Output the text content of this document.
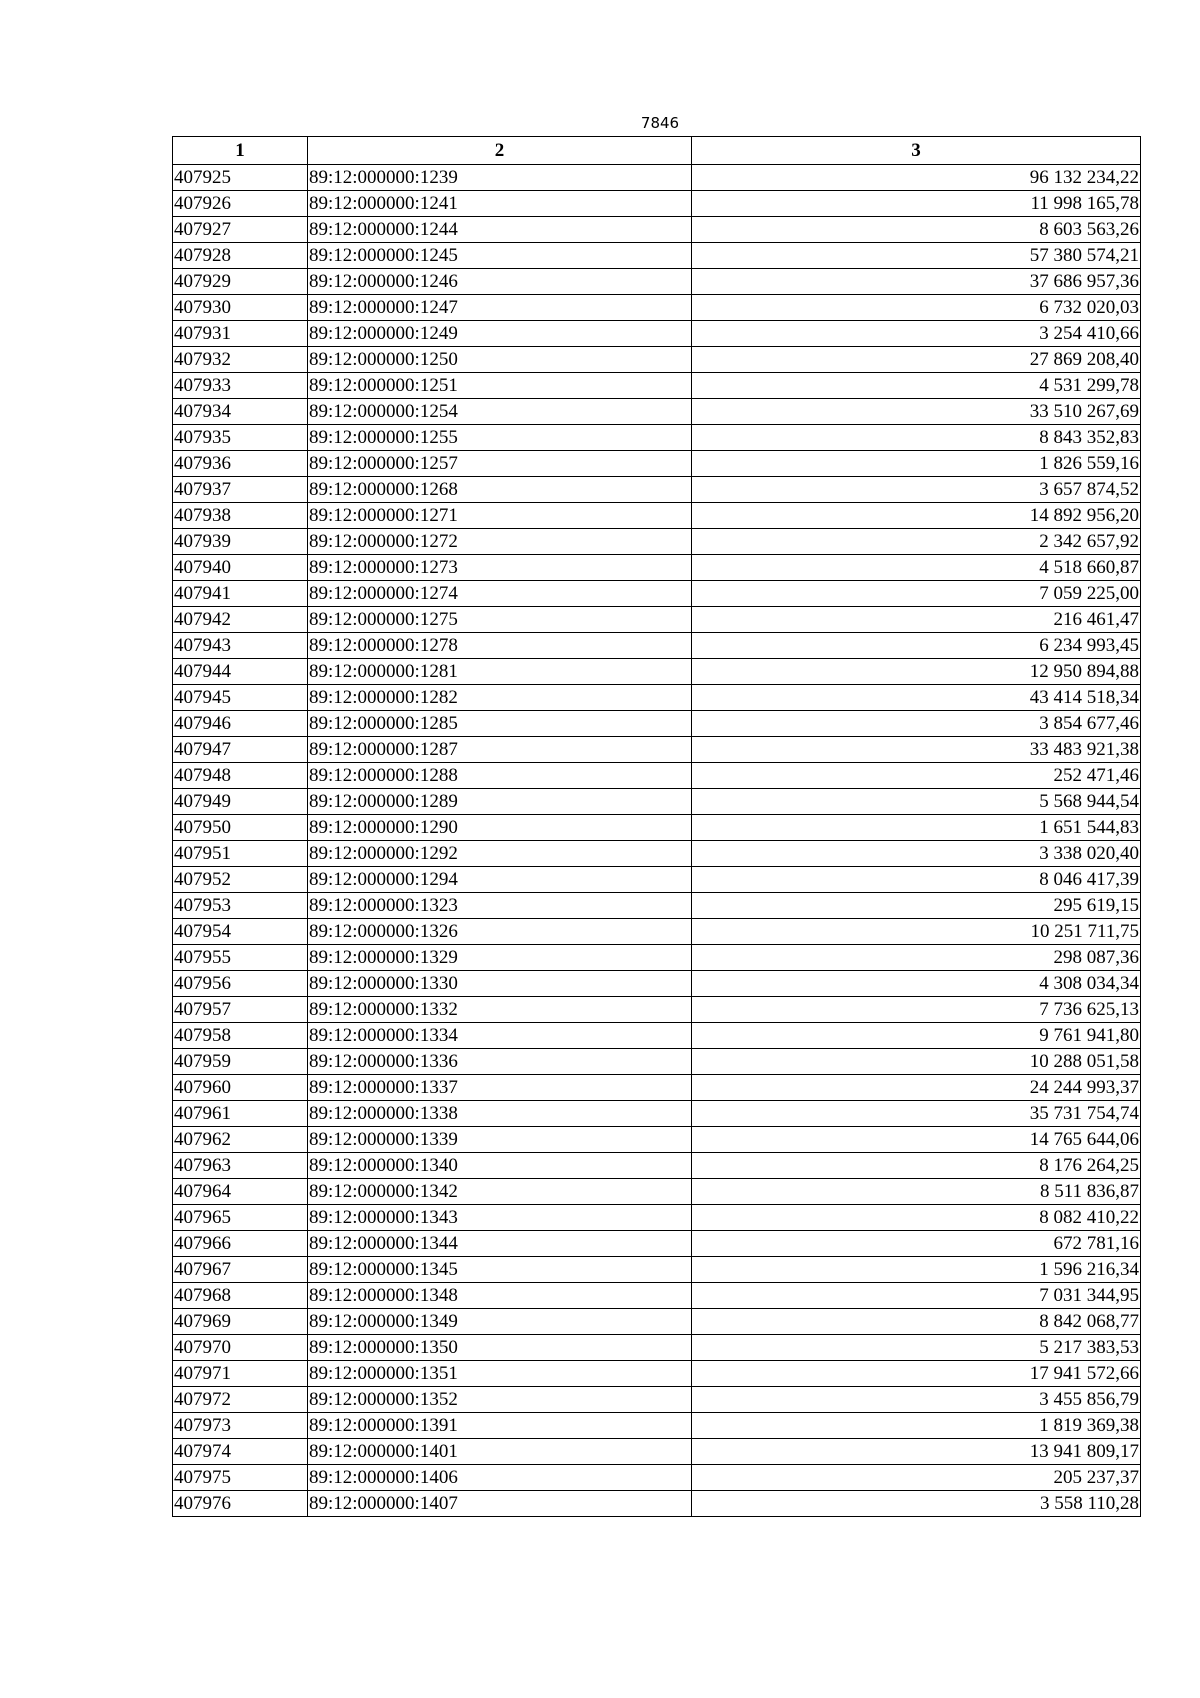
7846
1	2	3
407925	89:12:000000:1239	96 132 234,22
407926	89:12:000000:1241	11 998 165,78
407927	89:12:000000:1244	8 603 563,26
407928	89:12:000000:1245	57 380 574,21
407929	89:12:000000:1246	37 686 957,36
407930	89:12:000000:1247	6 732 020,03
407931	89:12:000000:1249	3 254 410,66
407932	89:12:000000:1250	27 869 208,40
407933	89:12:000000:1251	4 531 299,78
407934	89:12:000000:1254	33 510 267,69
407935	89:12:000000:1255	8 843 352,83
407936	89:12:000000:1257	1 826 559,16
407937	89:12:000000:1268	3 657 874,52
407938	89:12:000000:1271	14 892 956,20
407939	89:12:000000:1272	2 342 657,92
407940	89:12:000000:1273	4 518 660,87
407941	89:12:000000:1274	7 059 225,00
407942	89:12:000000:1275	216 461,47
407943	89:12:000000:1278	6 234 993,45
407944	89:12:000000:1281	12 950 894,88
407945	89:12:000000:1282	43 414 518,34
407946	89:12:000000:1285	3 854 677,46
407947	89:12:000000:1287	33 483 921,38
407948	89:12:000000:1288	252 471,46
407949	89:12:000000:1289	5 568 944,54
407950	89:12:000000:1290	1 651 544,83
407951	89:12:000000:1292	3 338 020,40
407952	89:12:000000:1294	8 046 417,39
407953	89:12:000000:1323	295 619,15
407954	89:12:000000:1326	10 251 711,75
407955	89:12:000000:1329	298 087,36
407956	89:12:000000:1330	4 308 034,34
407957	89:12:000000:1332	7 736 625,13
407958	89:12:000000:1334	9 761 941,80
407959	89:12:000000:1336	10 288 051,58
407960	89:12:000000:1337	24 244 993,37
407961	89:12:000000:1338	35 731 754,74
407962	89:12:000000:1339	14 765 644,06
407963	89:12:000000:1340	8 176 264,25
407964	89:12:000000:1342	8 511 836,87
407965	89:12:000000:1343	8 082 410,22
407966	89:12:000000:1344	672 781,16
407967	89:12:000000:1345	1 596 216,34
407968	89:12:000000:1348	7 031 344,95
407969	89:12:000000:1349	8 842 068,77
407970	89:12:000000:1350	5 217 383,53
407971	89:12:000000:1351	17 941 572,66
407972	89:12:000000:1352	3 455 856,79
407973	89:12:000000:1391	1 819 369,38
407974	89:12:000000:1401	13 941 809,17
407975	89:12:000000:1406	205 237,37
407976	89:12:000000:1407	3 558 110,28
